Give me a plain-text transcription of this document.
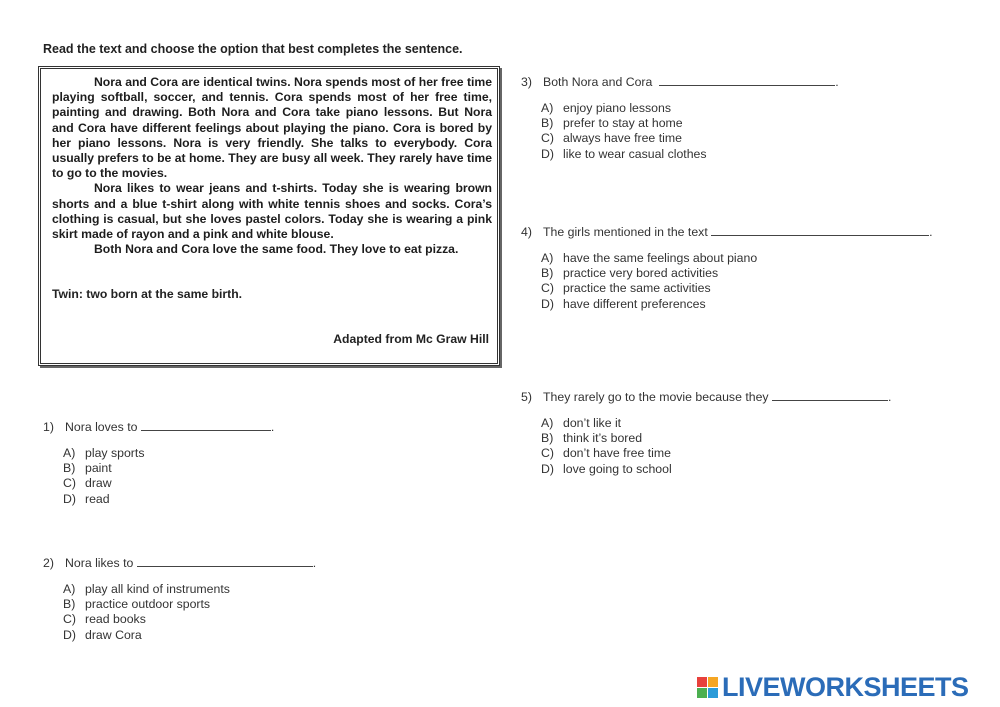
Read the text and choose the option that best completes the sentence.

Nora and Cora are identical twins. Nora spends most of her free time playing softball, soccer, and tennis. Cora spends most of her free time, painting and drawing. Both Nora and Cora take piano lessons. But Nora and Cora have different feelings about playing the piano. Cora is bored by her piano lessons. Nora is very friendly. She talks to everybody. Cora usually prefers to be at home. They are busy all week. They rarely have time to go to the movies.

Nora likes to wear jeans and t-shirts. Today she is wearing brown shorts and a blue t-shirt along with white tennis shoes and socks. Cora’s clothing is casual, but she loves pastel colors. Today she is wearing a pink skirt made of rayon and a pink and white blouse.

Both Nora and Cora love the same food. They love to eat pizza.

Twin: two born at the same birth.
Adapted from Mc Graw Hill
1) Nora loves to	.
A) play sports
B) paint
C) draw
D) read
2) Nora likes to	.
A) play all kind of instruments
B) practice outdoor sports
C) read books
D) draw Cora
3) Both Nora and Cora	.
A) enjoy piano lessons
B) prefer to stay at home
C) always have free time
D) like to wear casual clothes
4) The girls mentioned in the text	.
A) have the same feelings about piano
B) practice very bored activities
C) practice the same activities
D) have different preferences
5) They rarely go to the movie because they	.
A) don’t like it
B) think it’s bored
C) don’t have free time
D) love going to school
LIVEWORKSHEETS
